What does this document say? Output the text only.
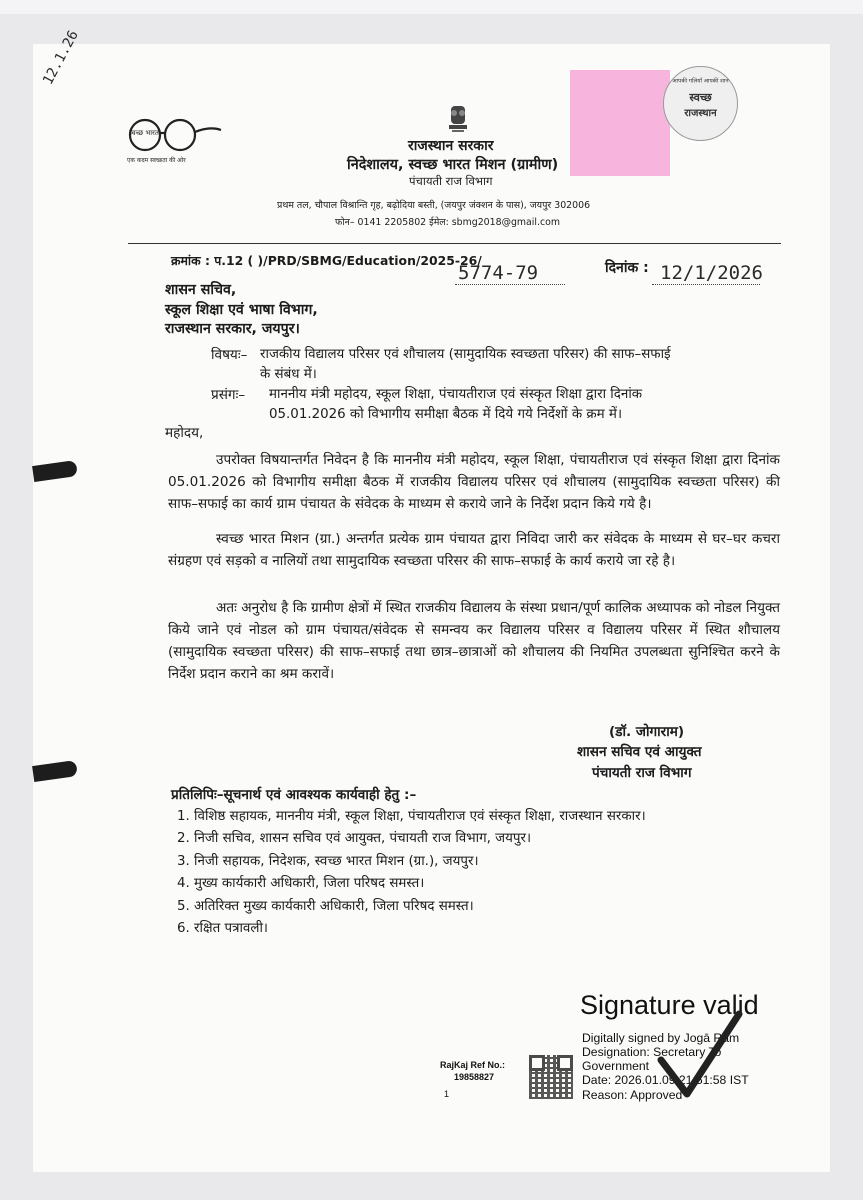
12.1.26
स्वच्छ भारत
एक कदम स्वच्छता की ओर
राजस्थान सरकार
निदेशालय, स्वच्छ भारत मिशन (ग्रामीण)
पंचायती राज विभाग
प्रथम तल, चौपाल विश्रान्ति गृह, बढ़ोदिया बस्ती, (जयपुर जंक्शन के पास), जयपुर 302006
फोन– 0141 2205802 ईमेल: sbmg2018@gmail.com
आपकी गलियाँ आपकी शान
स्वच्छ
राजस्थान
क्रमांक : प.12 ( )/PRD/SBMG/Education/2025-26/
5774-79	दिनांक : 12/1/2026
शासन सचिव,
स्कूल शिक्षा एवं भाषा विभाग,
राजस्थान सरकार, जयपुर।
विषयः– राजकीय विद्यालय परिसर एवं शौचालय (सामुदायिक स्वच्छता परिसर) की साफ–सफाई
के संबंध में।
प्रसंगः– माननीय मंत्री महोदय, स्कूल शिक्षा, पंचायतीराज एवं संस्कृत शिक्षा द्वारा दिनांक
05.01.2026 को विभागीय समीक्षा बैठक में दिये गये निर्देशों के क्रम में।
महोदय,

उपरोक्त विषयान्तर्गत निवेदन है कि माननीय मंत्री महोदय, स्कूल शिक्षा, पंचायतीराज एवं संस्कृत शिक्षा द्वारा दिनांक 05.01.2026 को विभागीय समीक्षा बैठक में राजकीय विद्यालय परिसर एवं शौचालय (सामुदायिक स्वच्छता परिसर) की साफ–सफाई का कार्य ग्राम पंचायत के संवेदक के माध्यम से कराये जाने के निर्देश प्रदान किये गये है।

स्वच्छ भारत मिशन (ग्रा.) अन्तर्गत प्रत्येक ग्राम पंचायत द्वारा निविदा जारी कर संवेदक के माध्यम से घर–घर कचरा संग्रहण एवं सड़को व नालियों तथा सामुदायिक स्वच्छता परिसर की साफ–सफाई के कार्य कराये जा रहे है।

अतः अनुरोध है कि ग्रामीण क्षेत्रों में स्थित राजकीय विद्यालय के संस्था प्रधान/पूर्ण कालिक अध्यापक को नोडल नियुक्त किये जाने एवं नोडल को ग्राम पंचायत/संवेदक से समन्वय कर विद्यालय परिसर व विद्यालय परिसर में स्थित शौचालय (सामुदायिक स्वच्छता परिसर) की साफ–सफाई तथा छात्र–छात्राओं को शौचालय की नियमित उपलब्धता सुनिश्चित करने के निर्देश प्रदान कराने का श्रम करावें।

(डॉ. जोगाराम)
शासन सचिव एवं आयुक्त
पंचायती राज विभाग
प्रतिलिपिः–सूचनार्थ एवं आवश्यक कार्यवाही हेतु :–
1. विशिष्ठ सहायक, माननीय मंत्री, स्कूल शिक्षा, पंचायतीराज एवं संस्कृत शिक्षा, राजस्थान सरकार।
2. निजी सचिव, शासन सचिव एवं आयुक्त, पंचायती राज विभाग, जयपुर।
3. निजी सहायक, निदेशक, स्वच्छ भारत मिशन (ग्रा.), जयपुर।
4. मुख्य कार्यकारी अधिकारी, जिला परिषद समस्त।
5. अतिरिक्त मुख्य कार्यकारी अधिकारी, जिला परिषद समस्त।
6. रक्षित पत्रावली।
RajKaj Ref No.:
19858827
1
Signature valid
Digitally signed by Jogā Ram
Designation: Secretary To
Government
Date: 2026.01.09 21:51:58 IST
Reason: Approved
